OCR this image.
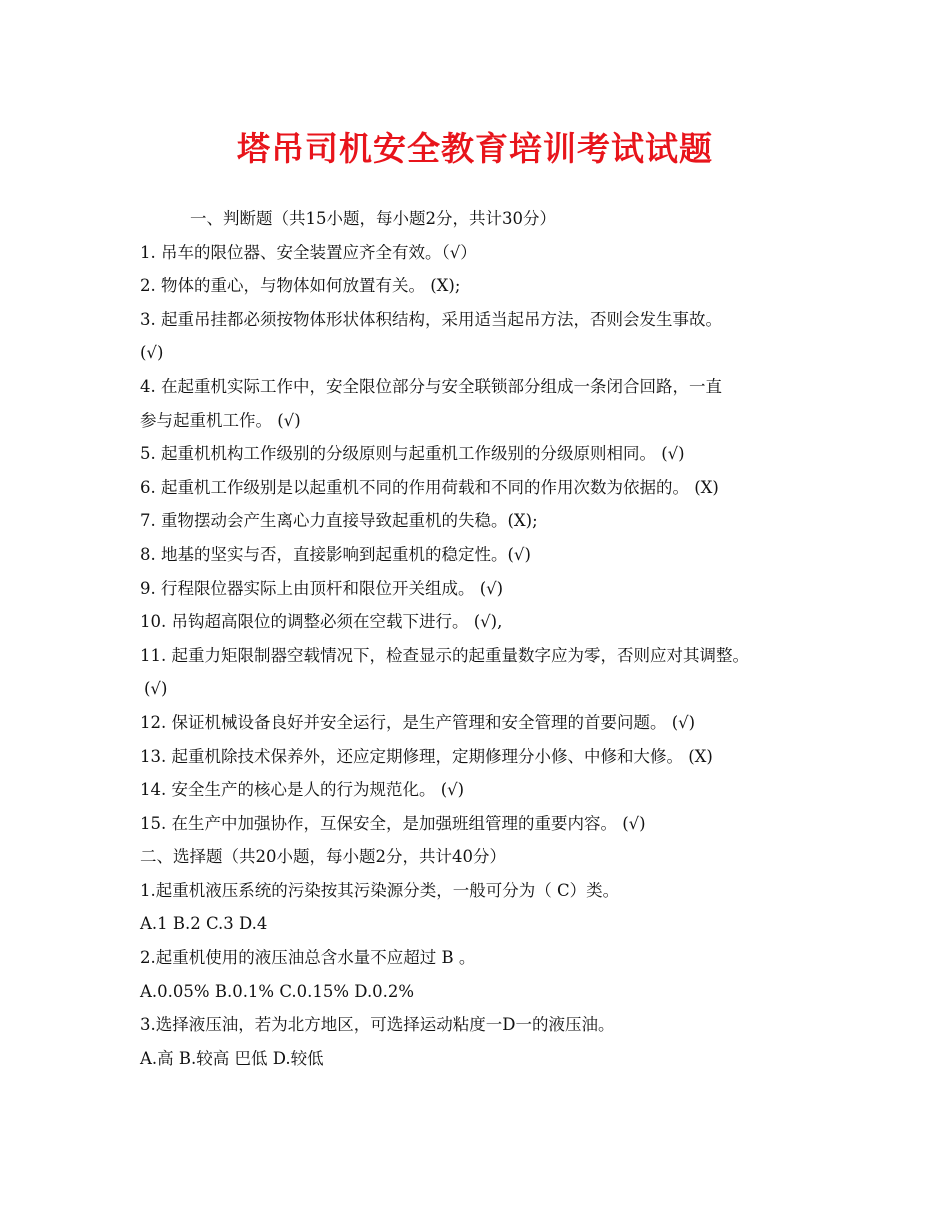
塔吊司机安全教育培训考试试题
一、判断题（共15小题，每小题2分，共计30分）
1. 吊车的限位器、安全装置应齐全有效。（√）
2. 物体的重心，与物体如何放置有关。 (X);
3. 起重吊挂都必须按物体形状体积结构，采用适当起吊方法，否则会发生事故。
(√)
4. 在起重机实际工作中，安全限位部分与安全联锁部分组成一条闭合回路，一直
参与起重机工作。 (√)
5. 起重机机构工作级别的分级原则与起重机工作级别的分级原则相同。 (√)
6. 起重机工作级别是以起重机不同的作用荷载和不同的作用次数为依据的。 (X)
7. 重物摆动会产生离心力直接导致起重机的失稳。(X);
8. 地基的坚实与否，直接影响到起重机的稳定性。(√)
9. 行程限位器实际上由顶杆和限位开关组成。 (√)
10. 吊钩超高限位的调整必须在空载下进行。 (√),
11. 起重力矩限制器空载情况下，检查显示的起重量数字应为零，否则应对其调整。
(√)
12. 保证机械设备良好并安全运行，是生产管理和安全管理的首要问题。 (√)
13. 起重机除技术保养外，还应定期修理，定期修理分小修、中修和大修。 (X)
14. 安全生产的核心是人的行为规范化。 (√)
15. 在生产中加强协作，互保安全，是加强班组管理的重要内容。 (√)
二、选择题（共20小题，每小题2分，共计40分）
1.起重机液压系统的污染按其污染源分类，一般可分为（ C）类。
A.1 B.2 C.3 D.4
2.起重机使用的液压油总含水量不应超过 B 。
A.0.05% B.0.1% C.0.15% D.0.2%
3.选择液压油，若为北方地区，可选择运动粘度一D一的液压油。
A.高 B.较高 巴低 D.较低
